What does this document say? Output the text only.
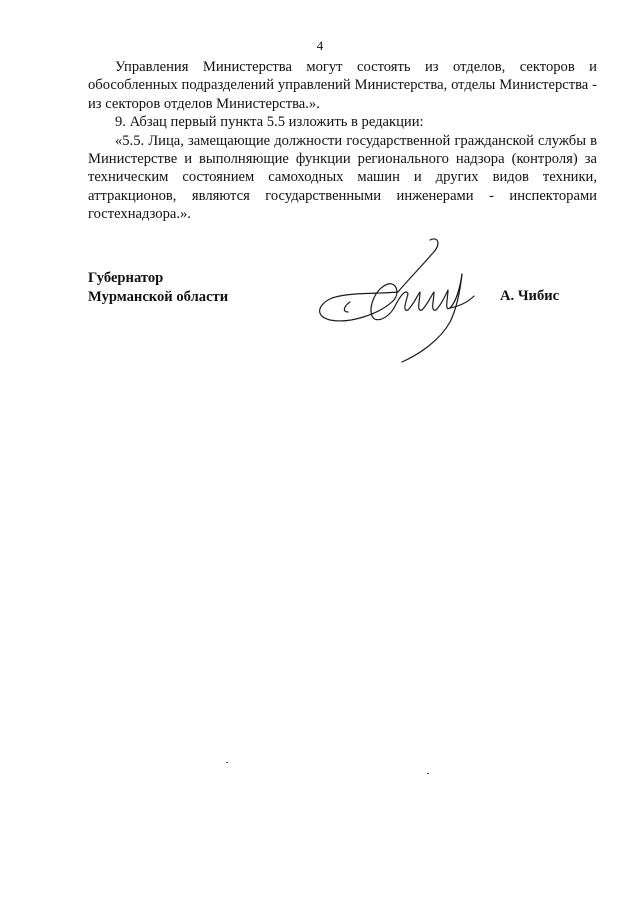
4

Управления Министерства могут состоять из отделов, секторов и обособленных подразделений управлений Министерства, отделы Министерства - из секторов отделов Министерства.».

9. Абзац первый пункта 5.5 изложить в редакции:

«5.5. Лица, замещающие должности государственной гражданской службы в Министерстве и выполняющие функции регионального надзора (контроля) за техническим состоянием самоходных машин и других видов техники, аттракционов, являются государственными инженерами - инспекторами гостехнадзора.».

Губернатор
Мурманской области	А. Чибис
